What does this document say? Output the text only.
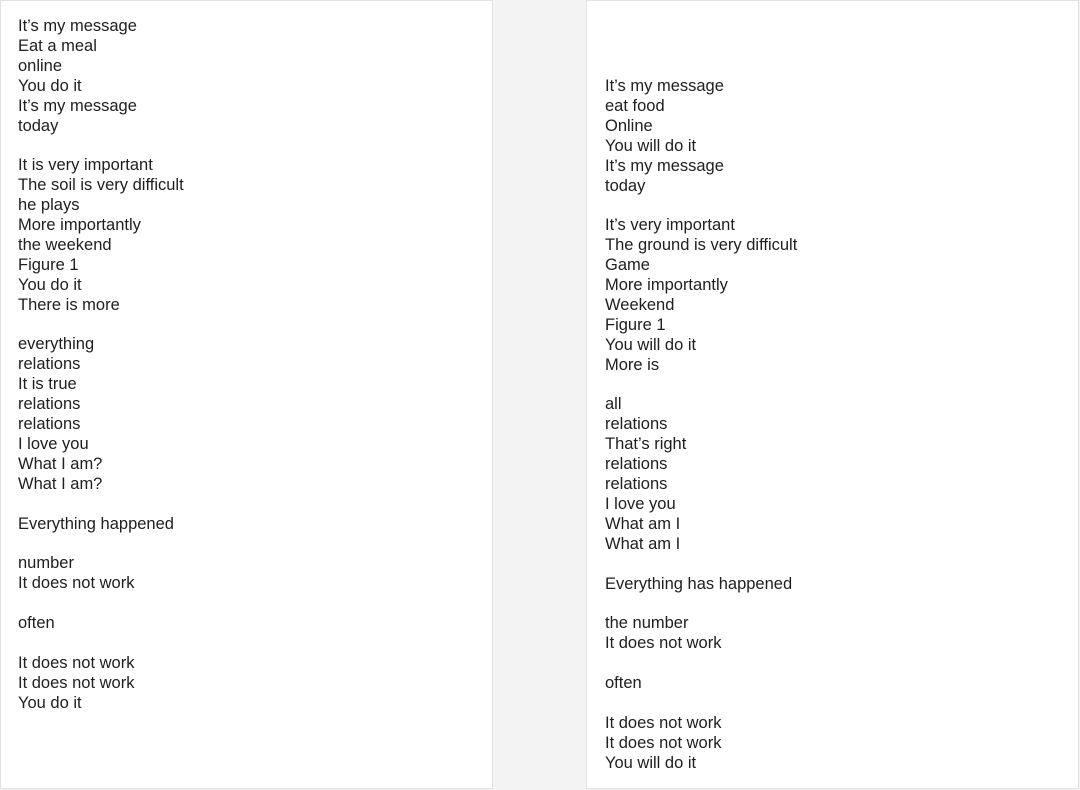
It’s my message
Eat a meal
online
You do it
It’s my message
today
It is very important
The soil is very difficult
he plays
More importantly
the weekend
Figure 1
You do it
There is more
everything
relations
It is true
relations
relations
I love you
What I am?
What I am?
Everything happened
number
It does not work
often
It does not work
It does not work
You do it
It’s my message
eat food
Online
You will do it
It’s my message
today
It’s very important
The ground is very difficult
Game
More importantly
Weekend
Figure 1
You will do it
More is
all
relations
That’s right
relations
relations
I love you
What am I
What am I
Everything has happened
the number
It does not work
often
It does not work
It does not work
You will do it
